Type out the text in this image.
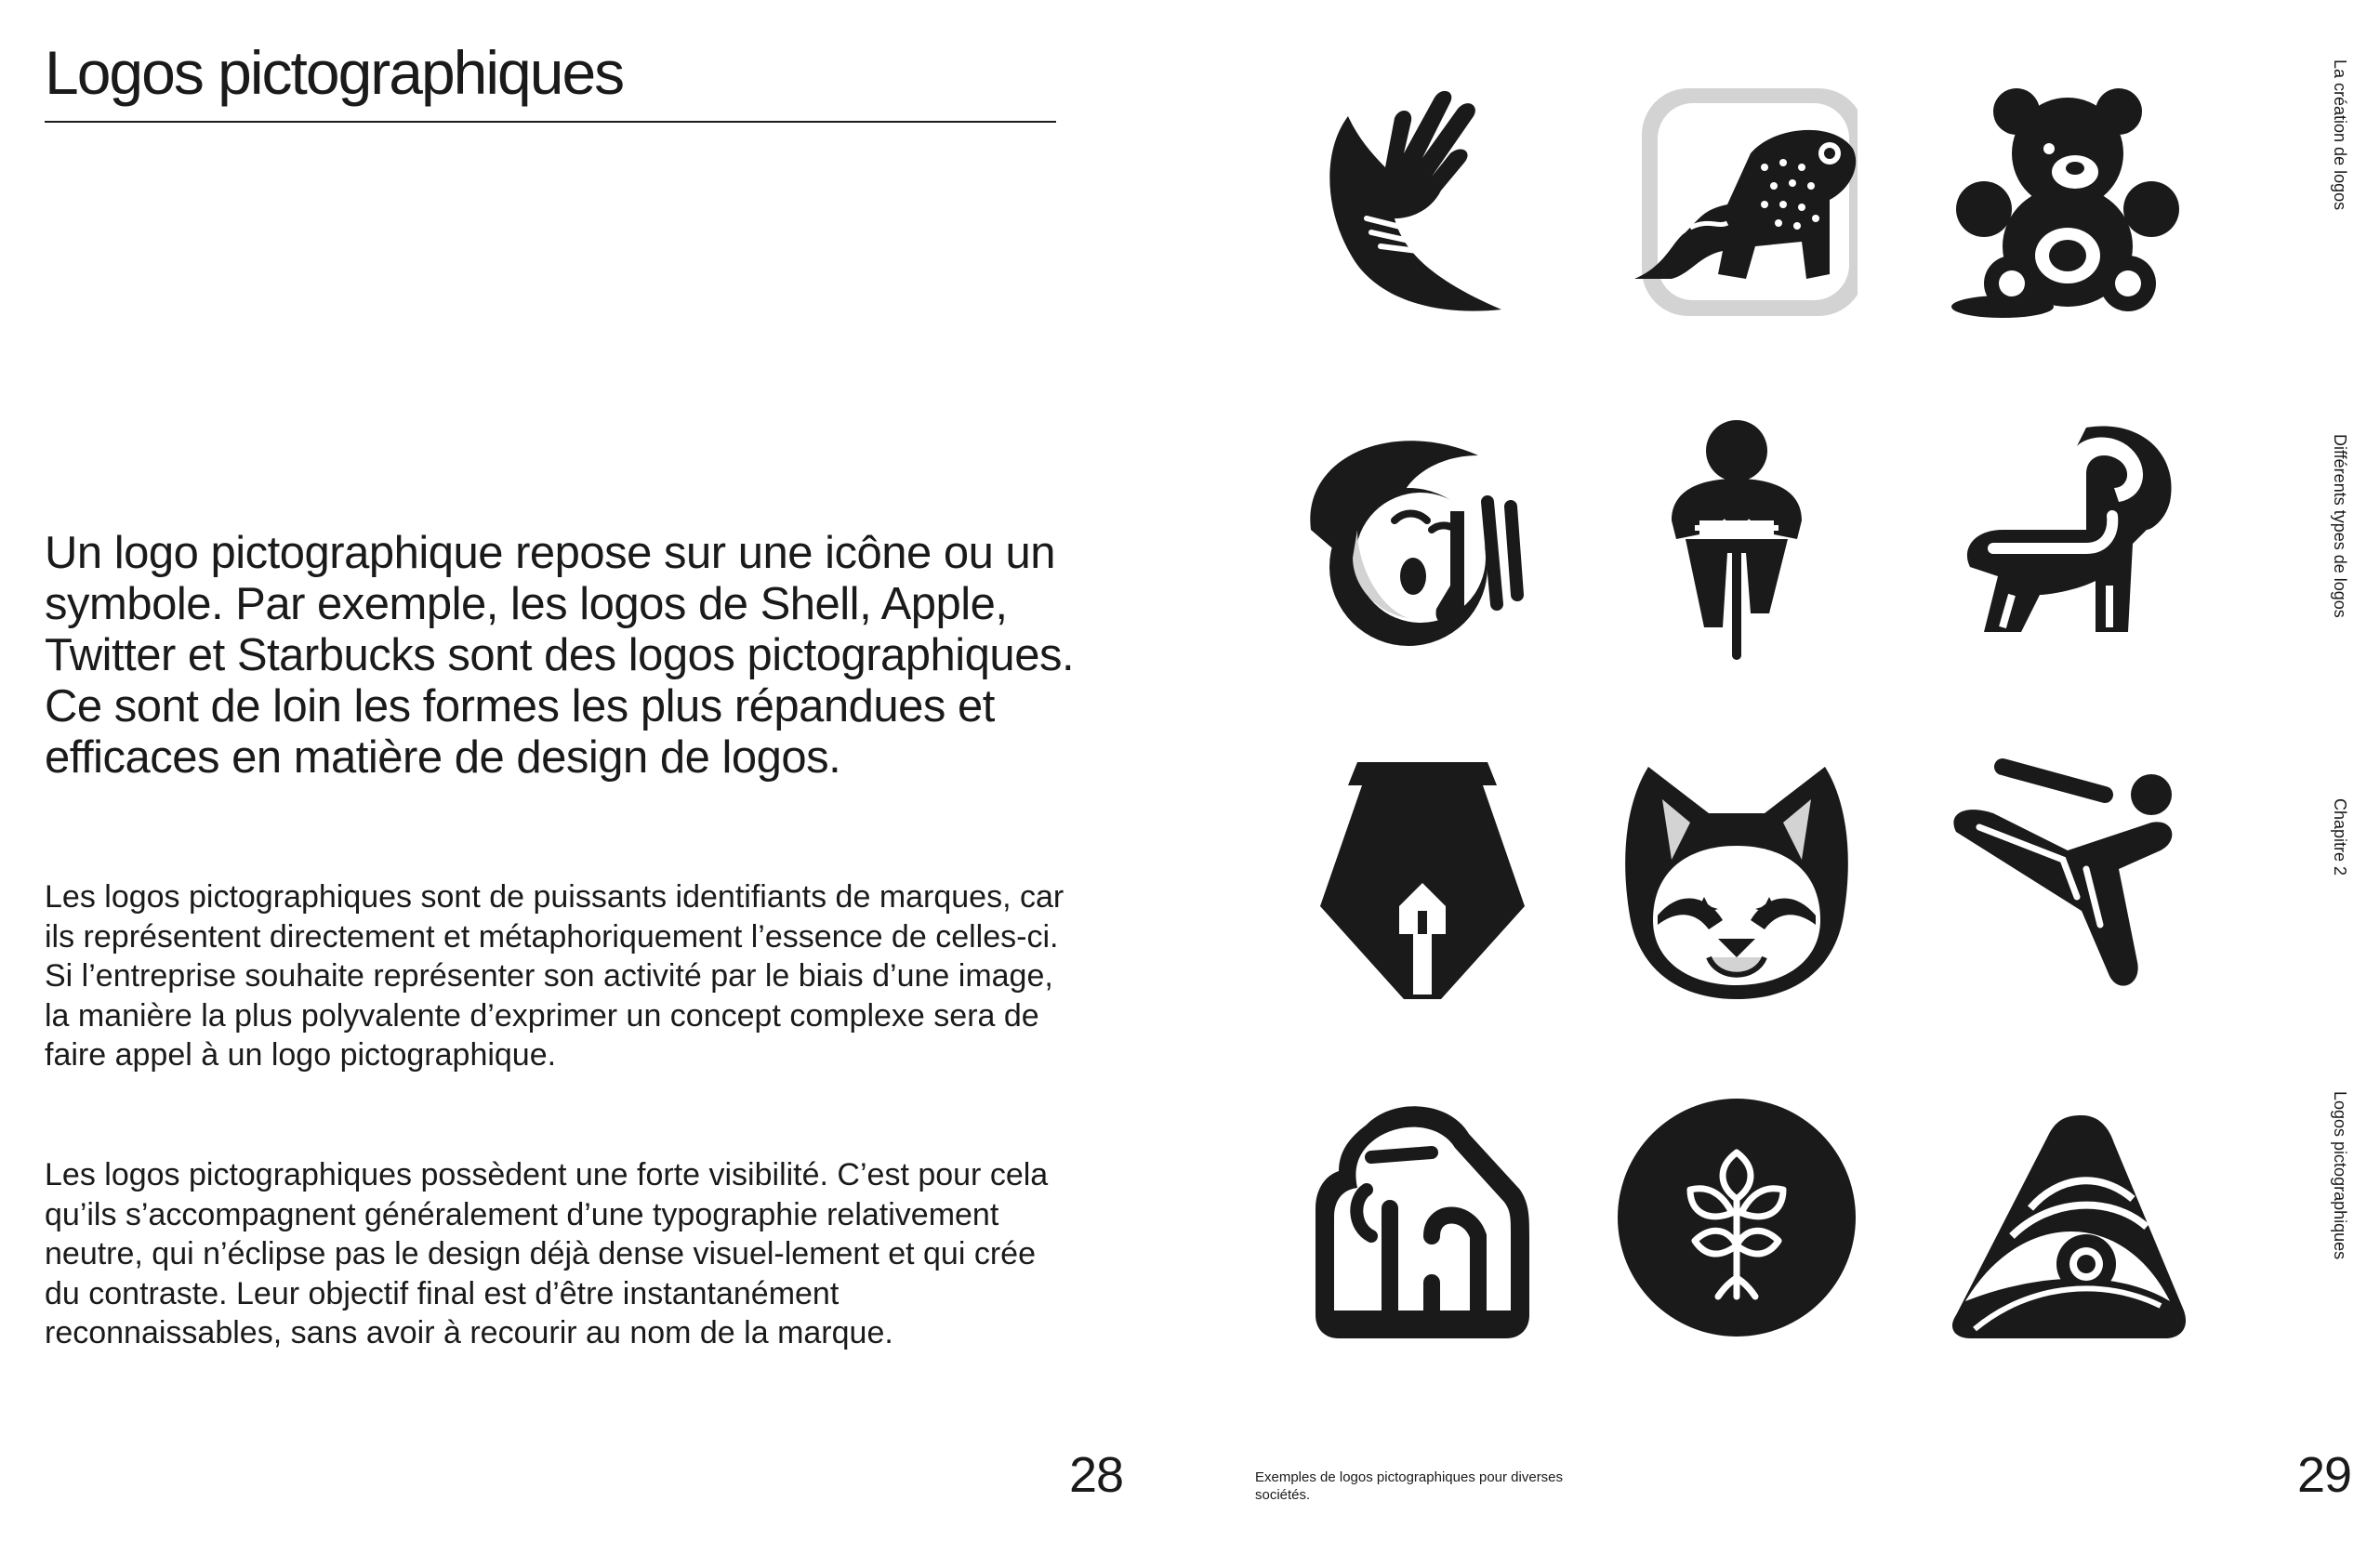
Logos pictographiques

Un logo pictographique repose sur une icône ou un symbole. Par exemple, les logos de Shell, Apple, Twitter et Starbucks sont des logos pictographiques. Ce sont de loin les formes les plus répandues et efficaces en matière de design de logos.

Les logos pictographiques sont de puissants identifiants de marques, car ils représentent directement et métaphoriquement l’essence de celles-ci. Si l’entreprise souhaite représenter son activité par le biais d’une image, la manière la plus polyvalente d’exprimer un concept complexe sera de faire appel à un logo pictographique.

Les logos pictographiques possèdent une forte visibilité. C’est pour cela qu’ils s’accompagnent généralement d’une typographie relativement neutre, qui n’éclipse pas le design déjà dense visuel-lement et qui crée du contraste. Leur objectif final est d’être instantanément reconnaissables, sans avoir à recourir au nom de la marque.

28	Exemples de logos pictographiques pour diverses sociétés.	29

La création de logos
Différents types de logos
Chapitre 2
Logos pictographiques
